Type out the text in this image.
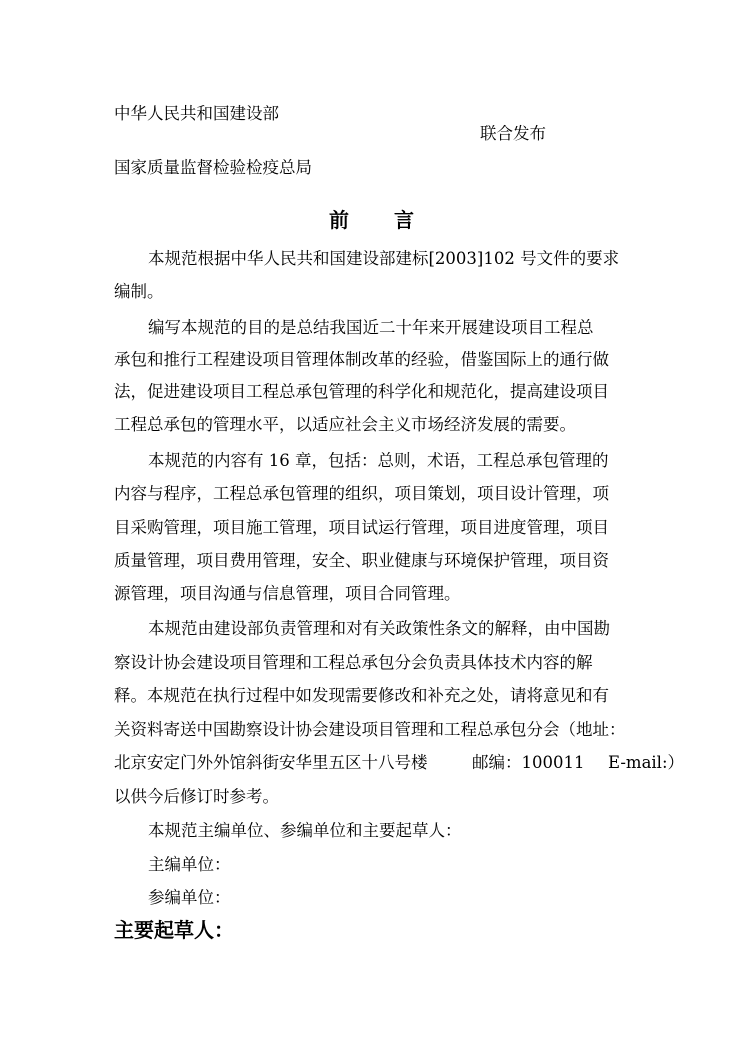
中华人民共和国建设部
联合发布
国家质量监督检验检疫总局
前 言
本规范根据中华人民共和国建设部建标[2003]102 号文件的要求
编制。
编写本规范的目的是总结我国近二十年来开展建设项目工程总
承包和推行工程建设项目管理体制改革的经验，借鉴国际上的通行做
法，促进建设项目工程总承包管理的科学化和规范化，提高建设项目
工程总承包的管理水平，以适应社会主义市场经济发展的需要。
本规范的内容有 16 章，包括：总则，术语，工程总承包管理的
内容与程序，工程总承包管理的组织，项目策划，项目设计管理，项
目采购管理，项目施工管理，项目试运行管理，项目进度管理，项目
质量管理，项目费用管理，安全、职业健康与环境保护管理，项目资
源管理，项目沟通与信息管理，项目合同管理。
本规范由建设部负责管理和对有关政策性条文的解释，由中国勘
察设计协会建设项目管理和工程总承包分会负责具体技术内容的解
释。本规范在执行过程中如发现需要修改和补充之处，请将意见和有
关资料寄送中国勘察设计协会建设项目管理和工程总承包分会（地址：
北京安定门外外馆斜街安华里五区十八号楼	邮编：100011 E-mail:）
以供今后修订时参考。
本规范主编单位、参编单位和主要起草人：
主编单位：
参编单位：
主要起草人：
